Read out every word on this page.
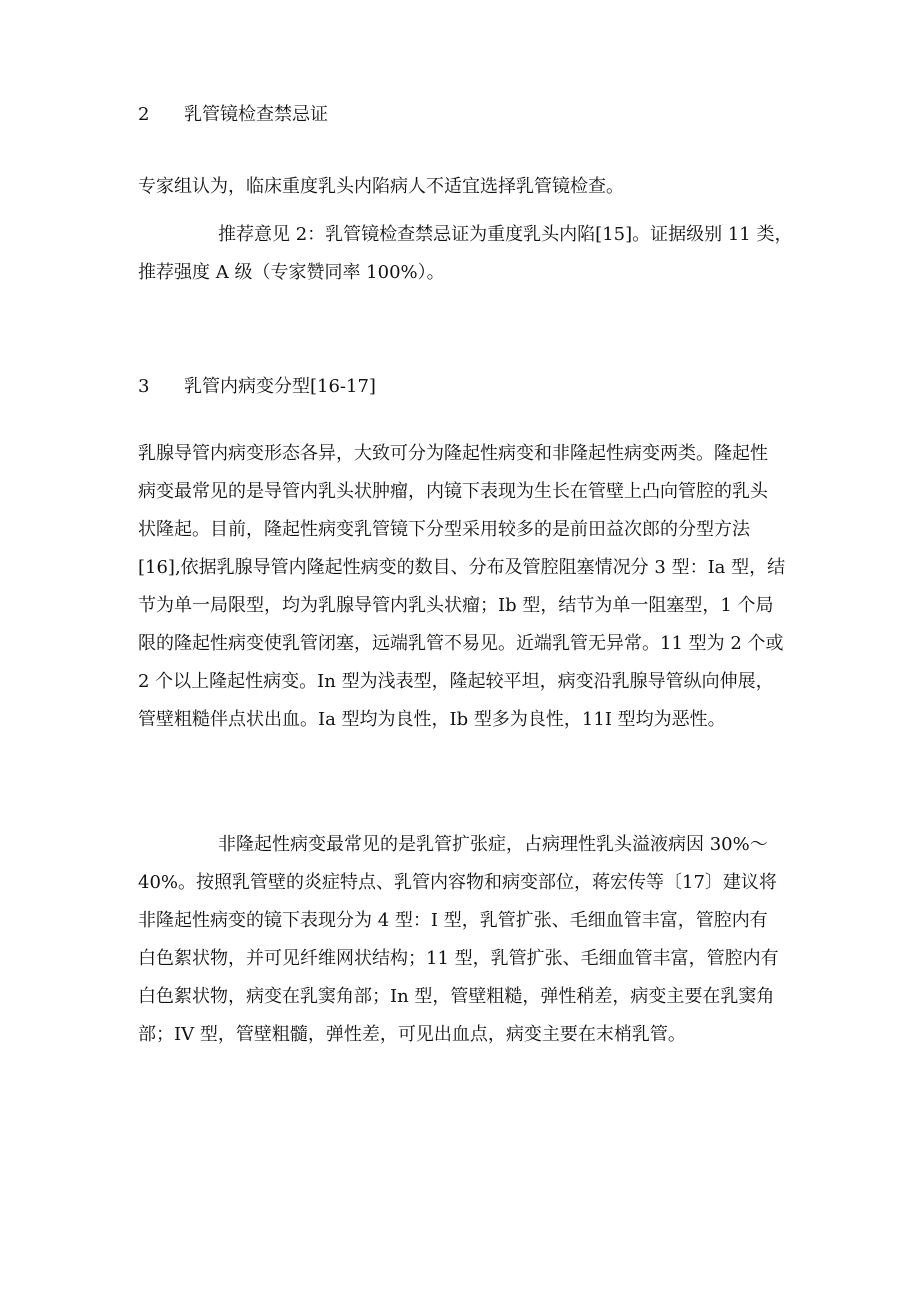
2 乳管镜检查禁忌证

专家组认为，临床重度乳头内陷病人不适宜选择乳管镜检查。

推荐意见 2：乳管镜检查禁忌证为重度乳头内陷[15]。证据级别 11 类，
推荐强度 A 级（专家赞同率 100%）。

3 乳管内病变分型[16-17]

乳腺导管内病变形态各异，大致可分为隆起性病变和非隆起性病变两类。隆起性
病变最常见的是导管内乳头状肿瘤，内镜下表现为生长在管壁上凸向管腔的乳头
状隆起。目前，隆起性病变乳管镜下分型采用较多的是前田益次郎的分型方法
[16],依据乳腺导管内隆起性病变的数目、分布及管腔阻塞情况分 3 型：Ia 型，结
节为单一局限型，均为乳腺导管内乳头状瘤；Ib 型，结节为单一阻塞型，1 个局
限的隆起性病变使乳管闭塞，远端乳管不易见。近端乳管无异常。11 型为 2 个或
2 个以上隆起性病变。In 型为浅表型，隆起较平坦，病变沿乳腺导管纵向伸展，
管壁粗糙伴点状出血。Ia 型均为良性，Ib 型多为良性，11I 型均为恶性。

非隆起性病变最常见的是乳管扩张症，占病理性乳头溢液病因 30%～
40%。按照乳管壁的炎症特点、乳管内容物和病变部位，蒋宏传等〔17〕建议将
非隆起性病变的镜下表现分为 4 型：I 型，乳管扩张、毛细血管丰富，管腔内有
白色絮状物，并可见纤维网状结构；11 型，乳管扩张、毛细血管丰富，管腔内有
白色絮状物，病变在乳窦角部；In 型，管壁粗糙，弹性稍差，病变主要在乳窦角
部；IV 型，管壁粗髓，弹性差，可见出血点，病变主要在末梢乳管。
